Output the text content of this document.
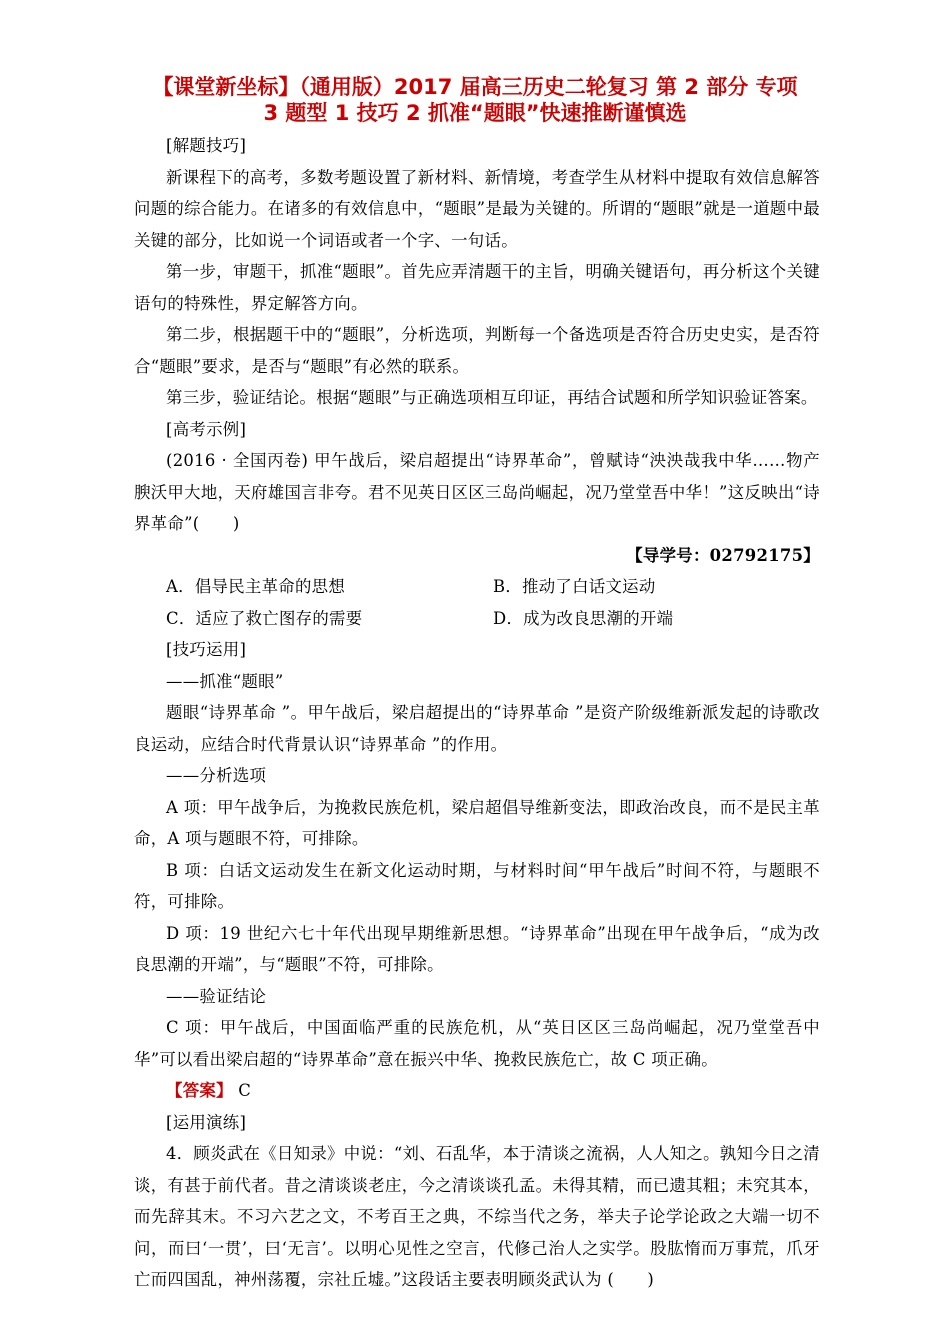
【课堂新坐标】（通用版）2017 届高三历史二轮复习 第 2 部分 专项
3 题型 1 技巧 2 抓准“题眼”快速推断谨慎选

[解题技巧]

新课程下的高考，多数考题设置了新材料、新情境，考查学生从材料中提取有效信息解答问题的综合能力。在诸多的有效信息中，“题眼”是最为关键的。所谓的“题眼”就是一道题中最关键的部分，比如说一个词语或者一个字、一句话。

第一步，审题干，抓准“题眼”。首先应弄清题干的主旨，明确关键语句，再分析这个关键语句的特殊性，界定解答方向。

第二步，根据题干中的“题眼”，分析选项，判断每一个备选项是否符合历史史实，是否符合“题眼”要求，是否与“题眼”有必然的联系。

第三步，验证结论。根据“题眼”与正确选项相互印证，再结合试题和所学知识验证答案。

[高考示例]

(2016 · 全国丙卷) 甲午战后，梁启超提出“诗界革命”，曾赋诗“泱泱哉我中华……物产腴沃甲大地，天府雄国言非夸。君不见英日区区三岛尚崛起，况乃堂堂吾中华！”这反映出“诗界革命”(　　)

【导学号：02792175】

A．倡导民主革命的思想	B．推动了白话文运动
C．适应了救亡图存的需要	D．成为改良思潮的开端

[技巧运用]

——抓准“题眼”

题眼“诗界革命 ”。甲午战后，梁启超提出的“诗界革命 ”是资产阶级维新派发起的诗歌改良运动，应结合时代背景认识“诗界革命 ”的作用。

——分析选项

A 项：甲午战争后，为挽救民族危机，梁启超倡导维新变法，即政治改良，而不是民主革命，A 项与题眼不符，可排除。

B 项：白话文运动发生在新文化运动时期，与材料时间“甲午战后”时间不符，与题眼不符，可排除。

D 项：19 世纪六七十年代出现早期维新思想。“诗界革命”出现在甲午战争后，“成为改良思潮的开端”，与“题眼”不符，可排除。

——验证结论

C 项：甲午战后，中国面临严重的民族危机，从“英日区区三岛尚崛起，况乃堂堂吾中华”可以看出梁启超的“诗界革命”意在振兴中华、挽救民族危亡，故 C 项正确。

【答案】 C

[运用演练]

4．顾炎武在《日知录》中说：“刘、石乱华，本于清谈之流祸，人人知之。孰知今日之清谈，有甚于前代者。昔之清谈谈老庄，今之清谈谈孔孟。未得其精，而已遗其粗；未究其本，而先辞其末。不习六艺之文，不考百王之典，不综当代之务，举夫子论学论政之大端一切不问，而曰‘一贯’，曰‘无言’。以明心见性之空言，代修己治人之实学。股肱惰而万事荒，爪牙亡而四国乱，神州荡覆，宗社丘墟。”这段话主要表明顾炎武认为 (　　)
